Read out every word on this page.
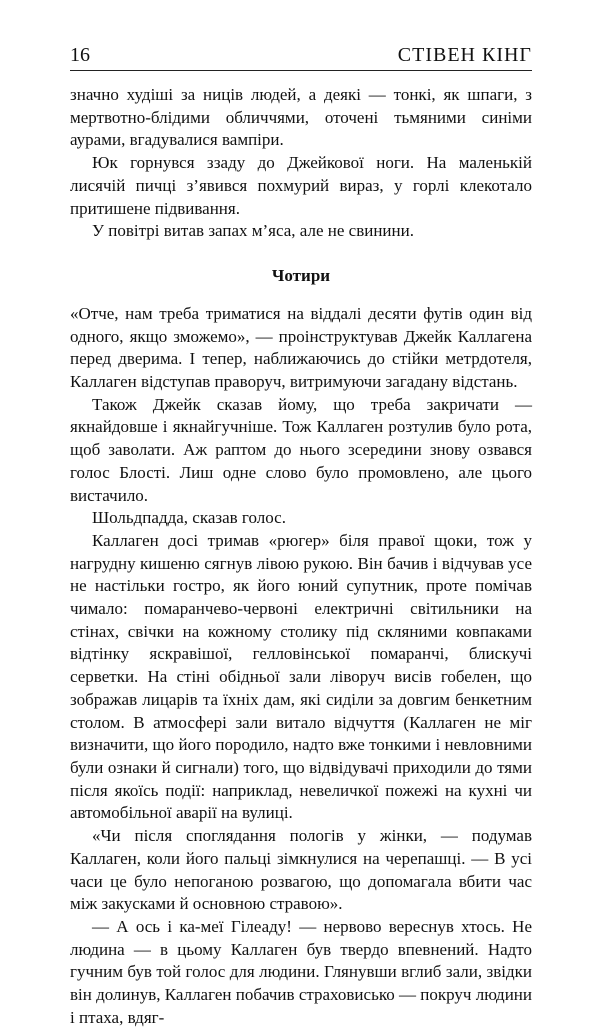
16	СТІВЕН КІНГ

значно худіші за ниців людей, а деякі — тонкі, як шпаги, з мертвотно-блідими обличчями, оточені тьмяними синіми аурами, вгадувалися вампіри.

Юк горнувся ззаду до Джейкової ноги. На маленькій лисячій пичці з’явився похмурий вираз, у горлі клекотало притишене підвивання.

У повітрі витав запах м’яса, але не свинини.

Чотири

«Отче, нам треба триматися на віддалі десяти футів один від одного, якщо зможемо», — проінструктував Джейк Каллагена перед дверима. І тепер, наближаючись до стійки метрдотеля, Каллаген відступав праворуч, витримуючи загадану відстань.

Також Джейк сказав йому, що треба закричати — якнайдовше і якнайгучніше. Тож Каллаген розтулив було рота, щоб заволати. Аж раптом до нього зсередини знову озвався голос Блості. Лиш одне слово було промовлено, але цього вистачило.

Шольдпадда, сказав голос.

Каллаген досі тримав «рюгер» біля правої щоки, тож у нагрудну кишеню сягнув лівою рукою. Він бачив і відчував усе не настільки гостро, як його юний супутник, проте помічав чимало: помаранчево-червоні електричні світильники на стінах, свічки на кожному столику під скляними ковпаками відтінку яскравішої, гелловінської помаранчі, блискучі серветки. На стіні обідньої зали ліворуч висів гобелен, що зображав лицарів та їхніх дам, які сиділи за довгим бенкетним столом. В атмосфері зали витало відчуття (Каллаген не міг визначити, що його породило, надто вже тонкими і невловними були ознаки й сигнали) того, що відвідувачі приходили до тями після якоїсь події: наприклад, невеличкої пожежі на кухні чи автомобільної аварії на вулиці.

«Чи після споглядання пологів у жінки, — подумав Каллаген, коли його пальці зімкнулися на черепашці. — В усі часи це було непоганою розвагою, що допомагала вбити час між закусками й основною стравою».

— А ось і ка-меї Гілеаду! — нервово вереснув хтось. Не людина — в цьому Каллаген був твердо впевнений. Надто гучним був той голос для людини. Глянувши вглиб зали, звідки він долинув, Каллаген побачив страховисько — покруч людини і птаха, вдяг-
